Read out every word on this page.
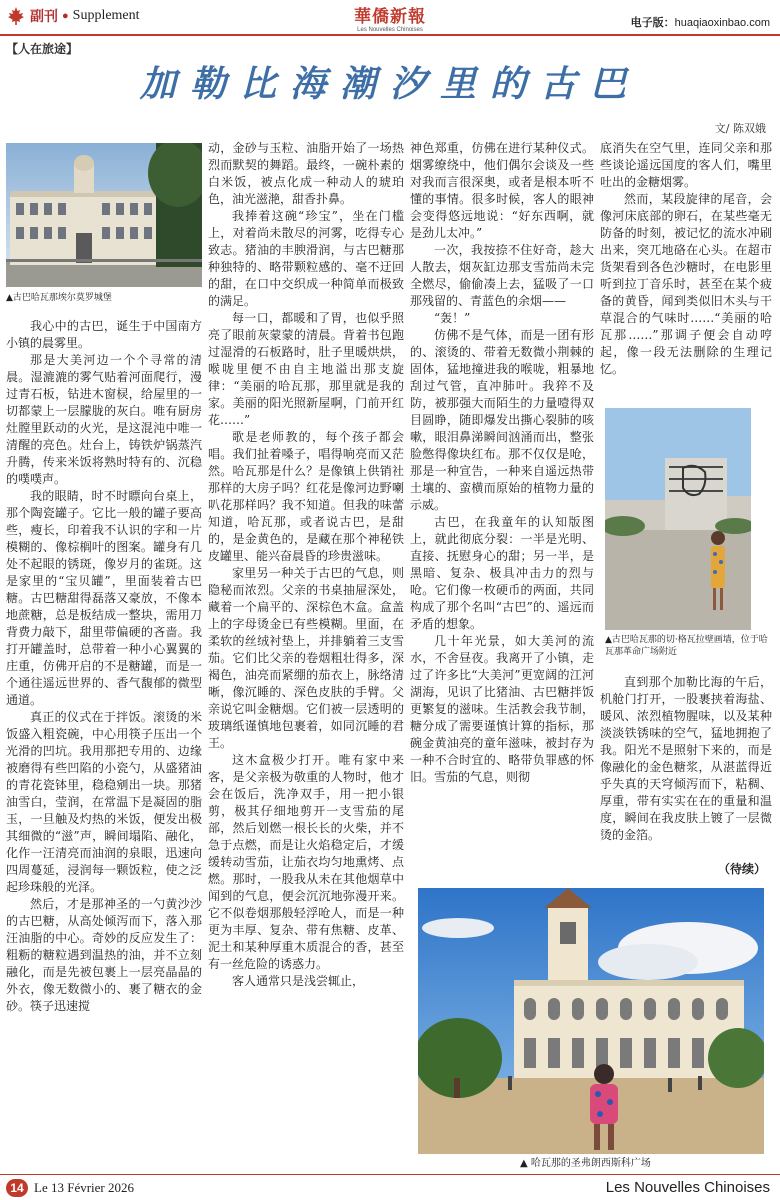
副刊 ● Supplement	華僑新報
Les Nouvelles Chinoises
电子版：huaqiaoxinbao.com
【人在旅途】
加勒比海潮汐里的古巴
文/ 陈双娥
▲古巴哈瓦那埃尔莫罗城堡

我心中的古巴，诞生于中国南方小镇的晨雾里。

那是大美河边一个个寻常的清晨。湿漉漉的雾气贴着河面爬行，漫过青石板，钻进木窗棂，给屋里的一切都蒙上一层朦胧的灰白。唯有厨房灶膛里跃动的火光，是这混沌中唯一清醒的亮色。灶台上，铸铁炉锅蒸汽升腾，传来米饭将熟时特有的、沉稳的噗噗声。

我的眼睛，时不时瞟向台桌上，那个陶瓷罐子。它比一般的罐子要高些，瘦长，印着我不认识的字和一片模糊的、像棕榈叶的图案。罐身有几处不起眼的锈斑，像岁月的雀斑。这是家里的“宝贝罐”，里面装着古巴糖。古巴糖甜得磊落又豪放，不像本地蔗糖，总是板结成一整块，需用刀背费力敲下，甜里带偏硬的吝啬。我打开罐盖时，总带着一种小心翼翼的庄重，仿佛开启的不是糖罐，而是一个通往遥远世界的、香气馥郁的微型通道。

真正的仪式在于拌饭。滚烫的米饭盛入粗瓷碗，中心用筷子压出一个光滑的凹坑。我用那把专用的、边缘被磨得有些凹陷的小瓷勺，从盛猪油的青花瓷钵里，稳稳剜出一块。那猪油雪白，莹润，在常温下是凝固的脂玉，一旦触及灼热的米饭，便发出极其细微的“滋”声，瞬间塌陷、融化，化作一汪清亮而油润的泉眼，迅速向四周蔓延，浸润每一颗饭粒，使之泛起珍珠般的光泽。

然后，才是那神圣的一勺黄沙沙的古巴糖，从高处倾泻而下，落入那汪油脂的中心。奇妙的反应发生了：粗粝的糖粒遇到温热的油，并不立刻融化，而是先被包裹上一层亮晶晶的外衣，像无数微小的、裹了糖衣的金砂。筷子迅速搅

动，金砂与玉粒、油脂开始了一场热烈而默契的舞蹈。最终，一碗朴素的白米饭，被点化成一种动人的琥珀色，油光滋滟，甜香扑鼻。

我捧着这碗“珍宝”，坐在门槛上，对着尚未散尽的河雾，吃得专心致志。猪油的丰腴滑润，与古巴糖那种独特的、略带颗粒感的、毫不迂回的甜，在口中交织成一种简单而极致的满足。

每一口，都暖和了胃，也似乎照亮了眼前灰蒙蒙的清晨。背着书包跑过湿滑的石板路时，肚子里暖烘烘，喉咙里便不由自主地溢出那支旋律：“美丽的哈瓦那，那里就是我的家。美丽的阳光照新屋啊，门前开红花……”

歌是老师教的，每个孩子都会唱。我们扯着嗓子，唱得响亮而又茫然。哈瓦那是什么？是像镇上供销社那样的大房子吗？红花是像河边野喇叭花那样吗？我不知道。但我的味蕾知道，哈瓦那，或者说古巴，是甜的，是金黄色的，是藏在那个神秘铁皮罐里、能兴奋晨昏的珍贵滋味。

家里另一种关于古巴的气息，则隐秘而浓烈。父亲的书桌抽屉深处，藏着一个扁平的、深棕色木盒。盒盖上的字母烫金已有些模糊。里面，在柔软的丝绒衬垫上，并排躺着三支雪茄。它们比父亲的卷烟粗壮得多，深褐色，油亮而紧绷的茄衣上，脉络清晰，像沉睡的、深色皮肤的手臂。父亲说它叫金糖烟。它们被一层透明的玻璃纸谨慎地包裹着，如同沉睡的君王。

这木盒极少打开。唯有家中来客，是父亲极为敬重的人物时，他才会在饭后，洗净双手，用一把小银剪，极其仔细地剪开一支雪茄的尾部，然后划燃一根长长的火柴，并不急于点燃，而是让火焰稳定后，才缓缓转动雪茄，让茄衣均匀地熏烤、点燃。那时，一股我从未在其他烟草中闻到的气息，便会沉沉地弥漫开来。它不似卷烟那般轻浮呛人，而是一种更为丰厚、复杂、带有焦糖、皮革、泥土和某种厚重木质混合的香，甚至有一丝危险的诱惑力。

客人通常只是浅尝辄止，

神色郑重，仿佛在进行某种仪式。烟雾缭绕中，他们偶尔会谈及一些对我而言很深奥，或者是根本听不懂的事情。很多时候，客人的眼神会变得悠远地说：“好东西啊，就是劲儿太冲。”

一次，我按捺不住好奇，趁大人散去，烟灰缸边那支雪茄尚未完全燃尽，偷偷凑上去，猛吸了一口那残留的、青蓝色的余烟——

“轰！”

仿佛不是气体，而是一团有形的、滚烫的、带着无数微小荆棘的固体，猛地撞进我的喉咙，粗暴地刮过气管，直冲肺叶。我猝不及防，被那强大而陌生的力量噎得双目圆睁，随即爆发出撕心裂肺的咳嗽，眼泪鼻涕瞬间汹涌而出，整张脸憋得像块红布。那不仅仅是呛，那是一种宣告，一种来自遥远热带土壤的、蛮横而原始的植物力量的示威。

古巴，在我童年的认知版图上，就此彻底分裂：一半是光明、直接、抚慰身心的甜；另一半，是黑暗、复杂、极具冲击力的烈与呛。它们像一枚硬币的两面，共同构成了那个名叫“古巴”的、遥远而矛盾的想象。

几十年光景，如大美河的流水，不舍昼夜。我离开了小镇，走过了许多比“大美河”更宽阔的江河湖海，见识了比猪油、古巴糖拌饭更繁复的滋味。生活教会我节制，糖分成了需要谨慎计算的指标，那碗金黄油亮的童年滋味，被封存为一种不合时宜的、略带负罪感的怀旧。雪茄的气息，则彻

底消失在空气里，连同父亲和那些谈论遥远国度的客人们，嘴里吐出的金糖烟雾。

然而，某段旋律的尾音，会像河床底部的卵石，在某些毫无防备的时刻，被记忆的流水冲刷出来，突兀地硌在心头。在超市货架看到各色沙糖时，在电影里听到拉丁音乐时，甚至在某个疲备的黄昏，闻到类似旧木头与干草混合的气味时……“美丽的哈瓦那……”那调子便会自动哼起，像一段无法删除的生理记忆。

▲古巴哈瓦那的切·格瓦拉壁画墙，位于哈瓦那革命广场附近

直到那个加勒比海的午后，机舱门打开，一股裹挟着海盐、暖风、浓烈植物腥味，以及某种淡淡铁锈味的空气，猛地拥抱了我。阳光不是照射下来的，而是像融化的金色糖浆，从湛蓝得近乎失真的天穹倾泻而下，粘稠、厚重，带有实实在在的重量和温度，瞬间在我皮肤上镀了一层微烫的金箔。

（待续）
▲ 哈瓦那的圣弗朗西斯科广场
14 Le 13 Février 2026	Les Nouvelles Chinoises
